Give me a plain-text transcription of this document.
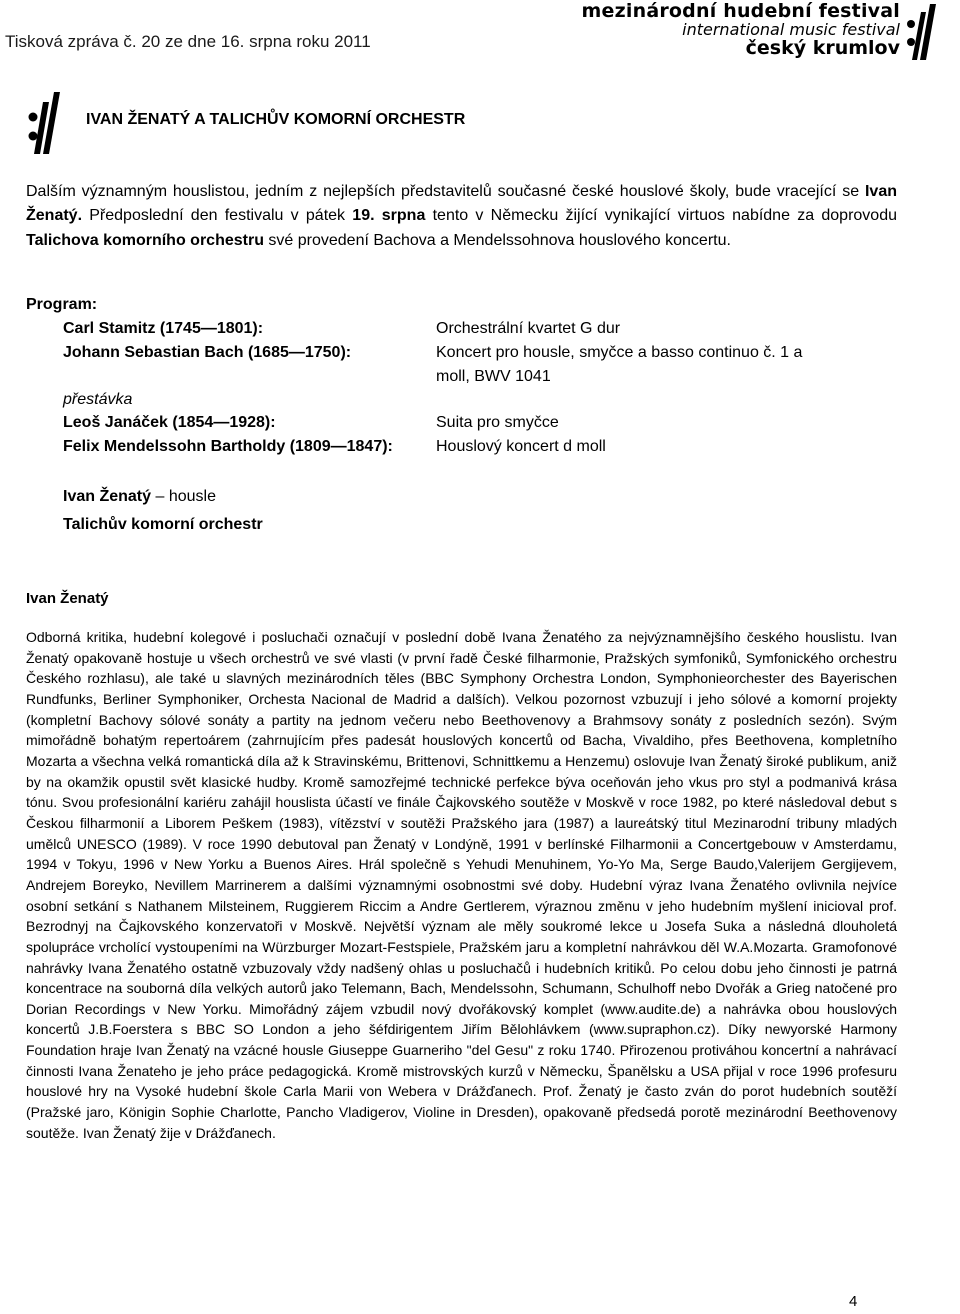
Tisková zpráva č. 20 ze dne 16. srpna roku 2011
mezinárodní hudební festival
international music festival
český krumlov
IVAN ŽENATÝ A TALICHŮV KOMORNÍ ORCHESTR
Dalším významným houslistou, jedním z nejlepších představitelů současné české houslové školy, bude vracející se Ivan Ženatý. Předposlední den festivalu v pátek 19. srpna tento v Německu žijící vynikající virtuos nabídne za doprovodu Talichova komorního orchestru své provedení Bachova a Mendelssohnova houslového koncertu.
Program:
Carl Stamitz (1745—1801):	Orchestrální kvartet G dur
Johann Sebastian Bach (1685—1750):	Koncert pro housle, smyčce a basso continuo č. 1 a
moll, BWV 1041
přestávka
Leoš Janáček (1854—1928):	Suita pro smyčce
Felix Mendelssohn Bartholdy (1809—1847):	Houslový koncert d moll
Ivan Ženatý – housle
Talichův komorní orchestr
Ivan Ženatý
Odborná kritika, hudební kolegové i posluchači označují v poslední době Ivana Ženatého za nejvýznamnějšího českého houslistu. Ivan Ženatý opakovaně hostuje u všech orchestrů ve své vlasti (v první řadě České filharmonie, Pražských symfoniků, Symfonického orchestru Českého rozhlasu), ale také u slavných mezinárodních těles (BBC Symphony Orchestra London, Symphonieorchester des Bayerischen Rundfunks, Berliner Symphoniker, Orchesta Nacional de Madrid a dalších). Velkou pozornost vzbuzují i jeho sólové a komorní projekty (kompletní Bachovy sólové sonáty a partity na jednom večeru nebo Beethovenovy a Brahmsovy sonáty z posledních sezón). Svým mimořádně bohatým repertoárem (zahrnujícím přes padesát houslových koncertů od Bacha, Vivaldiho, přes Beethovena, kompletního Mozarta a všechna velká romantická díla až k Stravinskému, Brittenovi, Schnittkemu a Henzemu) oslovuje Ivan Ženatý široké publikum, aniž by na okamžik opustil svět klasické hudby. Kromě samozřejmé technické perfekce býva oceňován jeho vkus pro styl a podmanivá krása tónu. Svou profesionální kariéru zahájil houslista účastí ve finále Čajkovského soutěže v Moskvě v roce 1982, po které následoval debut s Českou filharmonií a Liborem Peškem (1983), vítězství v soutěži Pražského jara (1987) a laureátský titul Mezinarodní tribuny mladých umělců UNESCO (1989). V roce 1990 debutoval pan Ženatý v Londýně, 1991 v berlínské Filharmonii a Concertgebouw v Amsterdamu, 1994 v Tokyu, 1996 v New Yorku a Buenos Aires. Hrál společně s Yehudi Menuhinem, Yo-Yo Ma, Serge Baudo,Valerijem Gergijevem, Andrejem Boreyko, Nevillem Marrinerem a dalšími významnými osobnostmi své doby. Hudební výraz Ivana Ženatého ovlivnila nejvíce osobní setkání s Nathanem Milsteinem, Ruggierem Riccim a Andre Gertlerem, výraznou změnu v jeho hudebním myšlení inicioval prof. Bezrodnyj na Čajkovského konzervatoři v Moskvě. Největší význam ale měly soukromé lekce u Josefa Suka a následná dlouholetá spolupráce vrcholící vystoupeními na Würzburger Mozart-Festspiele, Pražském jaru a kompletní nahrávkou děl W.A.Mozarta. Gramofonové nahrávky Ivana Ženatého ostatně vzbuzovaly vždy nadšený ohlas u posluchačů i hudebních kritiků. Po celou dobu jeho činnosti je patrná koncentrace na souborná díla velkých autorů jako Telemann, Bach, Mendelssohn, Schumann, Schulhoff nebo Dvořák a Grieg natočené pro Dorian Recordings v New Yorku. Mimořádný zájem vzbudil nový dvořákovský komplet (www.audite.de) a nahrávka obou houslových koncertů J.B.Foerstera s BBC SO London a jeho šéfdirigentem Jiřím Bělohlávkem (www.supraphon.cz). Díky newyorské Harmony Foundation hraje Ivan Ženatý na vzácné housle Giuseppe Guarneriho "del Gesu" z roku 1740. Přirozenou protiváhou koncertní a nahrávací činnosti Ivana Ženateho je jeho práce pedagogická. Kromě mistrovských kurzů v Německu, Španělsku a USA přijal v roce 1996 profesuru houslové hry na Vysoké hudební škole Carla Marii von Webera v Drážďanech. Prof. Ženatý je často zván do porot hudebních soutěží (Pražské jaro, Königin Sophie Charlotte, Pancho Vladigerov, Violine in Dresden), opakovaně předsedá porotě mezinárodní Beethovenovy soutěže. Ivan Ženatý žije v Drážďanech.
4
